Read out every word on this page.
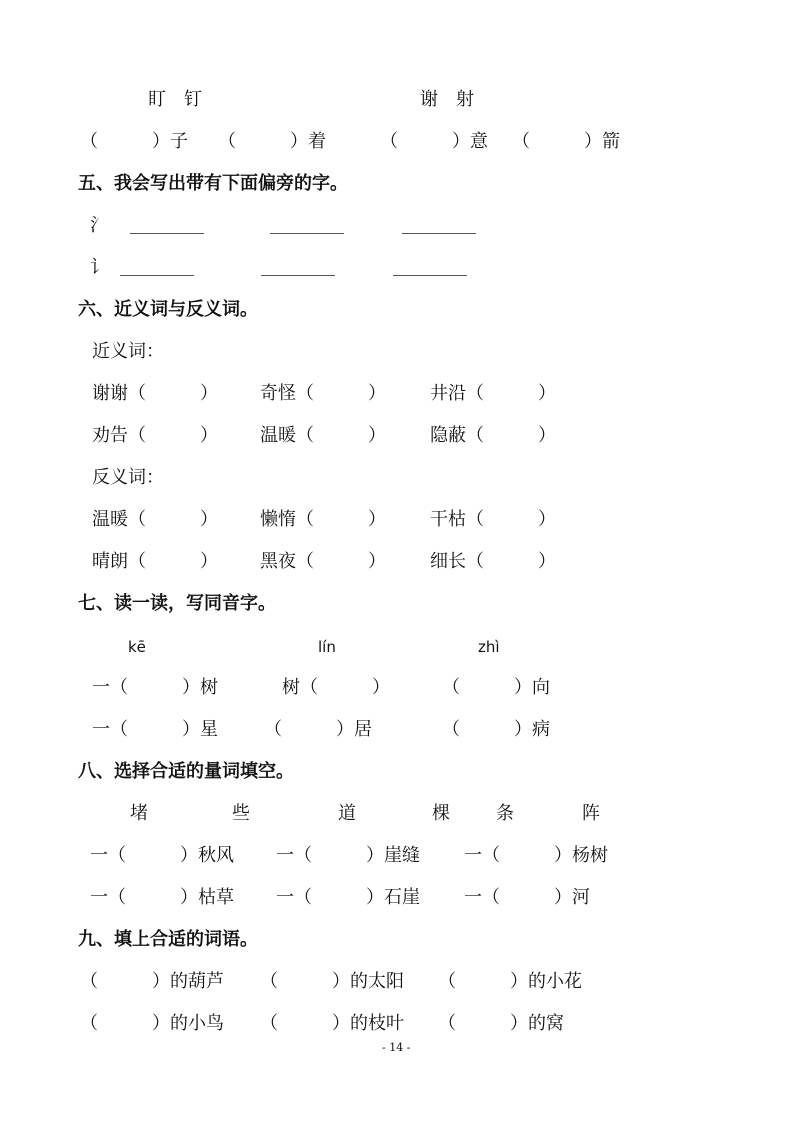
盯　钉	谢　射
（　　　）子 （　　　）着	（　　　）意 （　　　）箭
五、我会写出带有下面偏旁的字。
氵
讠
六、近义词与反义词。
近义词：
谢谢（　　　） 奇怪（　　　） 井沿（　　　）
劝告（　　　） 温暖（　　　） 隐蔽（　　　）
反义词：
温暖（　　　） 懒惰（　　　） 干枯（　　　）
晴朗（　　　） 黑夜（　　　） 细长（　　　）
七、读一读，写同音字。
kē	lín	zhì
一（　　　）树	树（　　　）	（　　　）向
一（　　　）星	（　　　）居	（　　　）病
八、选择合适的量词填空。
堵	些	道	棵	条	阵
一（　　　）秋风 一（　　　）崖缝 一（　　　）杨树
一（　　　）枯草 一（　　　）石崖 一（　　　）河
九、填上合适的词语。
（　　　）的葫芦 （　　　）的太阳 （　　　）的小花
（　　　）的小鸟 （　　　）的枝叶 （　　　）的窝
- 14 -
